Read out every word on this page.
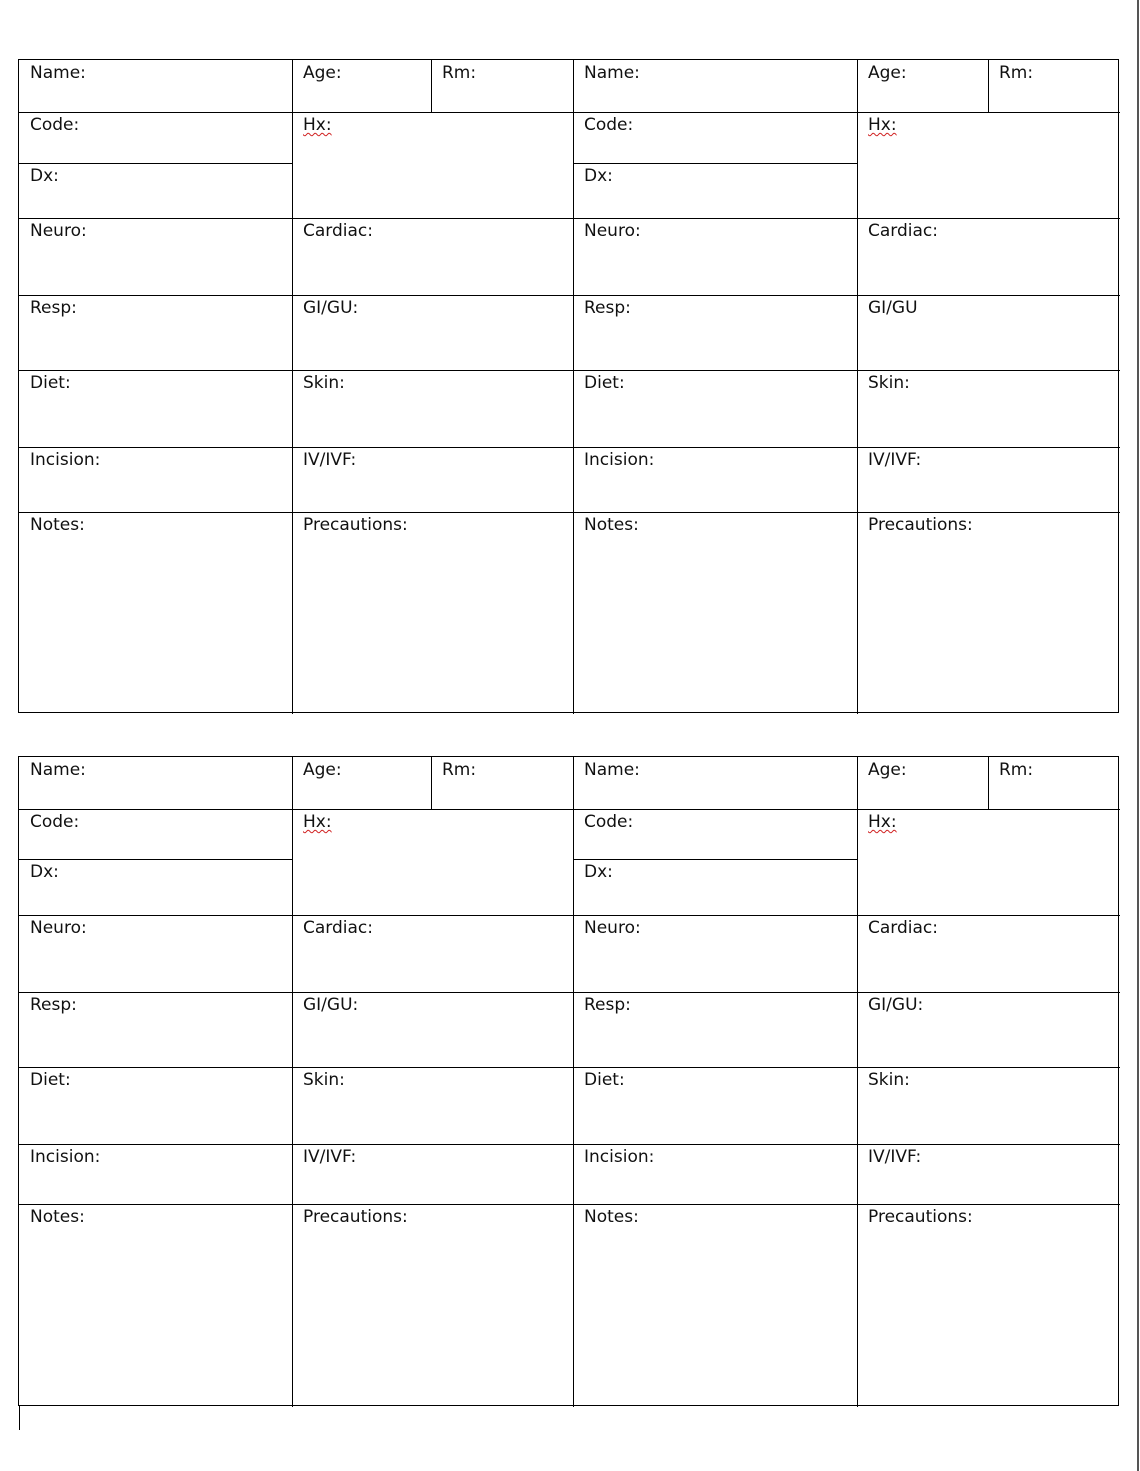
Name:	Age:	Rm:
Code:
Dx:
Hx:
Neuro:	Cardiac:
Resp:	GI/GU:
Diet:	Skin:
Incision:	IV/IVF:
Notes:	Precautions:
Name:	Age:	Rm:
Code:
Dx:
Hx:
Neuro:	Cardiac:
Resp:	GI/GU
Diet:	Skin:
Incision:	IV/IVF:
Notes:	Precautions:
Name:	Age:	Rm:
Code:
Dx:
Hx:
Neuro:	Cardiac:
Resp:	GI/GU:
Diet:	Skin:
Incision:	IV/IVF:
Notes:	Precautions:
Name:	Age:	Rm:
Code:
Dx:
Hx:
Neuro:	Cardiac:
Resp:	GI/GU:
Diet:	Skin:
Incision:	IV/IVF:
Notes:	Precautions:
